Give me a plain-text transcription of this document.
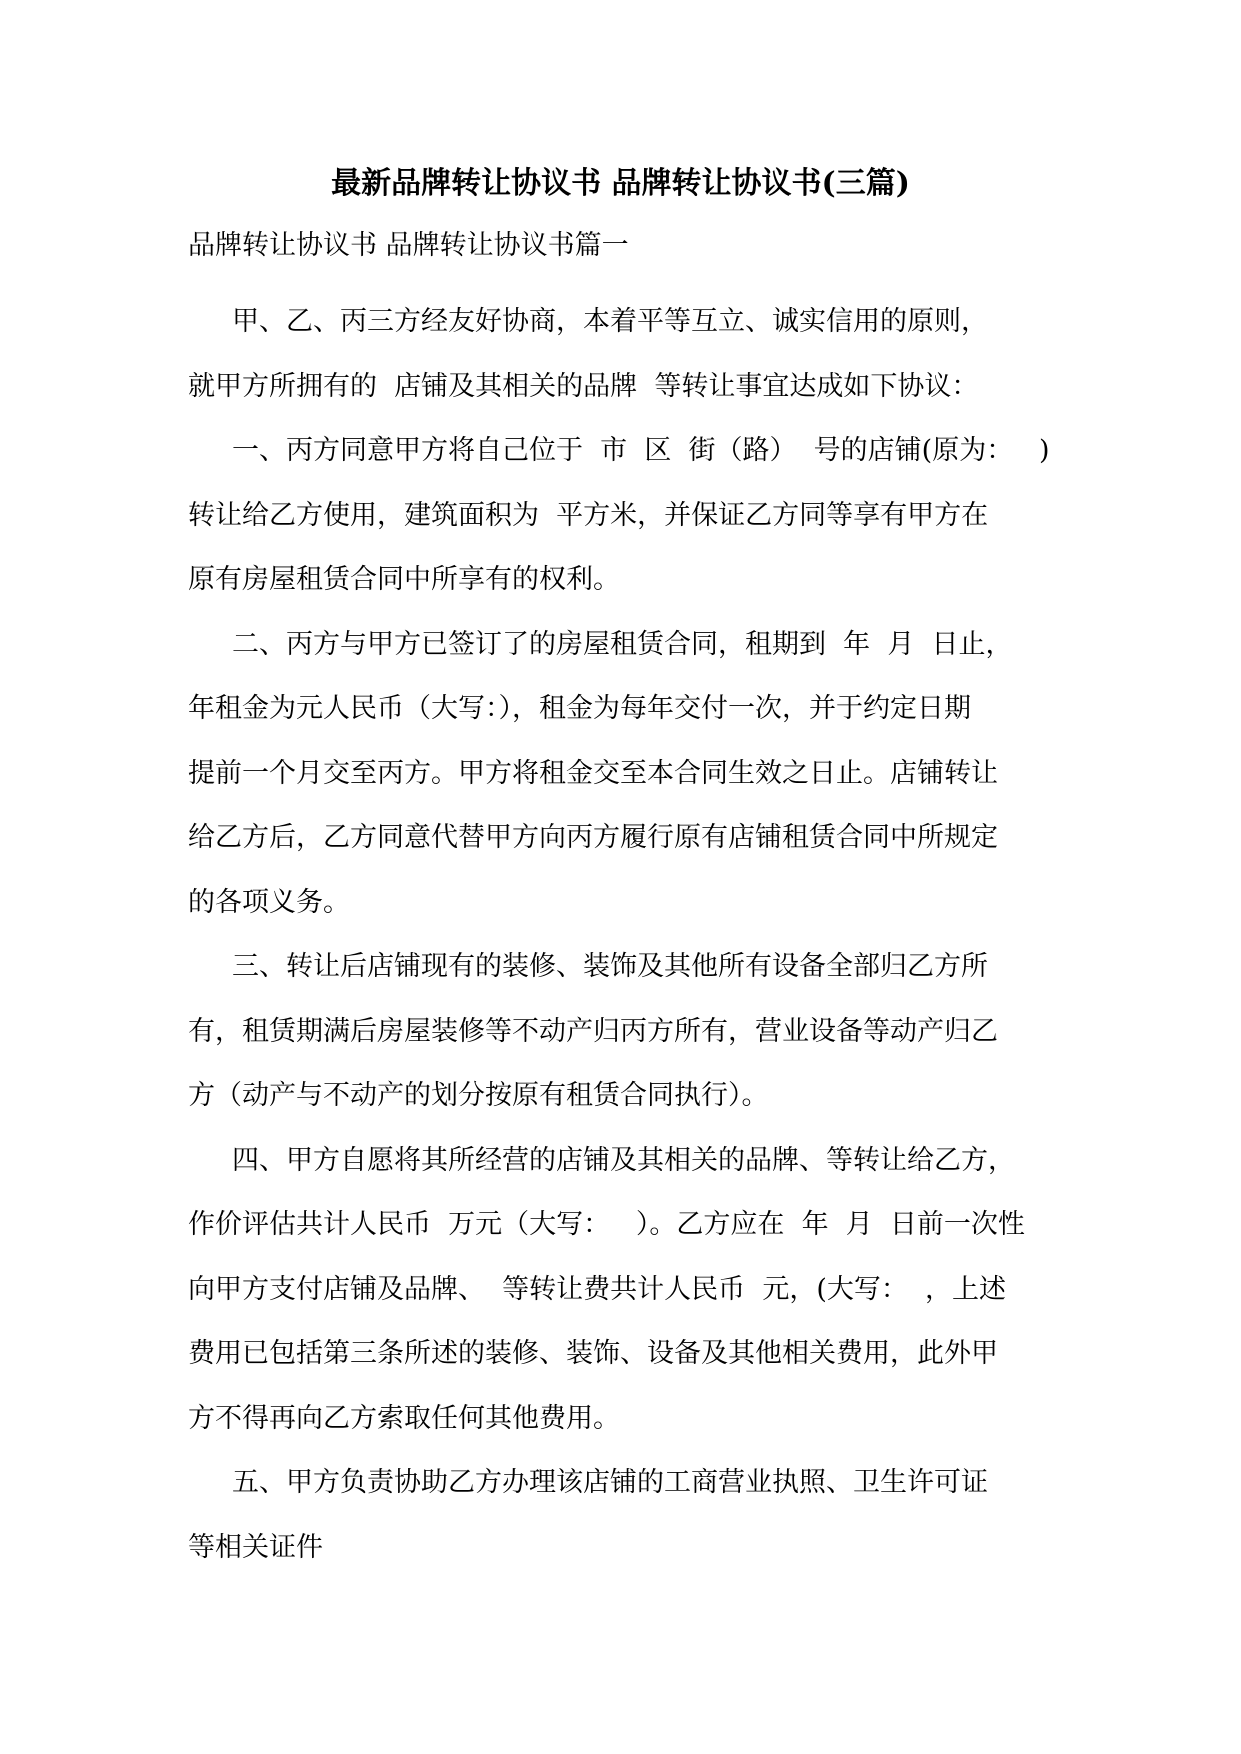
最新品牌转让协议书 品牌转让协议书(三篇)

品牌转让协议书 品牌转让协议书篇一

甲、乙、丙三方经友好协商，本着平等互立、诚实信用的原则，
就甲方所拥有的  店铺及其相关的品牌  等转让事宜达成如下协议：
一、丙方同意甲方将自己位于  市  区  街（路）  号的店铺(原为：   )
转让给乙方使用，建筑面积为  平方米，并保证乙方同等享有甲方在
原有房屋租赁合同中所享有的权利。
二、丙方与甲方已签订了的房屋租赁合同，租期到  年  月  日止，
年租金为元人民币（大写：），租金为每年交付一次，并于约定日期
提前一个月交至丙方。甲方将租金交至本合同生效之日止。店铺转让
给乙方后，乙方同意代替甲方向丙方履行原有店铺租赁合同中所规定
的各项义务。
三、转让后店铺现有的装修、装饰及其他所有设备全部归乙方所
有，租赁期满后房屋装修等不动产归丙方所有，营业设备等动产归乙
方（动产与不动产的划分按原有租赁合同执行）。
四、甲方自愿将其所经营的店铺及其相关的品牌、等转让给乙方，
作价评估共计人民币  万元（大写：   ）。乙方应在  年  月  日前一次性
向甲方支付店铺及品牌、  等转让费共计人民币  元，(大写：  ，上述
费用已包括第三条所述的装修、装饰、设备及其他相关费用，此外甲
方不得再向乙方索取任何其他费用。
五、甲方负责协助乙方办理该店铺的工商营业执照、卫生许可证
等相关证件
